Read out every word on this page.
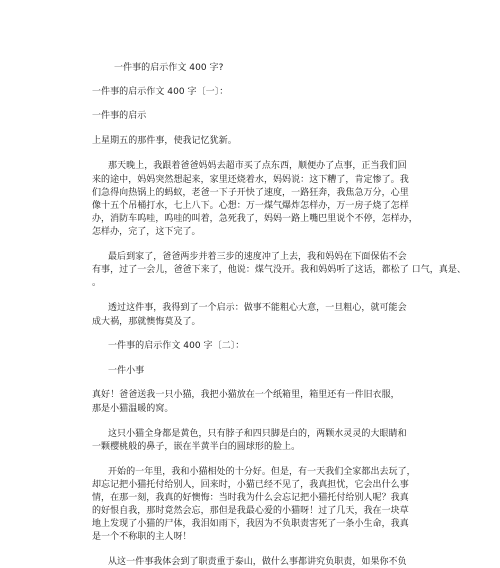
一件事的启示作文 400 字?
一件事的启示作文 400 字〔一〕：
一件事的启示
上星期五的那件事，使我记忆犹新。
那天晚上，我跟着爸爸妈妈去超市买了点东西，顺便办了点事，正当我们回
来的途中，妈妈突然想起来，家里还烧着水，妈妈说：这下糟了，肯定惨了。我
们急得向热锅上的蚂蚁，老爸一下子开快了速度，一路狂奔，我焦急万分，心里
像十五个吊桶打水，七上八下。心想：万一煤气爆炸怎样办，万一房子烧了怎样
办，消防车呜哇，呜哇的叫着，急死我了，妈妈一路上嘴巴里说个不停，怎样办，
怎样办，完了，这下完了。
最后到家了，爸爸两步并着三步的速度冲了上去，我和妈妈在下面保佑不会
有事，过了一会儿，爸爸下来了，他说：煤气没开。我和妈妈听了这话，都松了 口气，真是、
。
透过这件事，我得到了一个启示：做事不能粗心大意，一旦粗心，就可能会
成大祸，那就懊悔莫及了。
一件事的启示作文 400 字〔二〕：
一件小事
真好！爸爸送我一只小猫，我把小猫放在一个纸箱里，箱里还有一件旧衣服，
那是小猫温暖的窝。
这只小猫全身都是黄色，只有脖子和四只脚是白的，两颗水灵灵的大眼睛和
一颗樱桃般的鼻子，嵌在半黄半白的圆球形的脸上。
开始的一年里，我和小猫相处的十分好。但是，有一天我们全家都出去玩了，
却忘记把小猫托付给别人，回来时，小猫已经不见了，我真担忧，它会出什么事
情，在那一刻，我真的好懊悔：当时我为什么会忘记把小猫托付给别人呢？我真
的好恨自我，那时竟然会忘，那但是我最心爱的小猫呀！过了几天，我在一块草
地上发现了小猫的尸体，我泪如雨下，我因为不负职责害死了一条小生命，我真
是一个不称职的主人呀！
从这一件事我体会到了职责重于泰山，做什么事都讲究负职责，如果你不负
